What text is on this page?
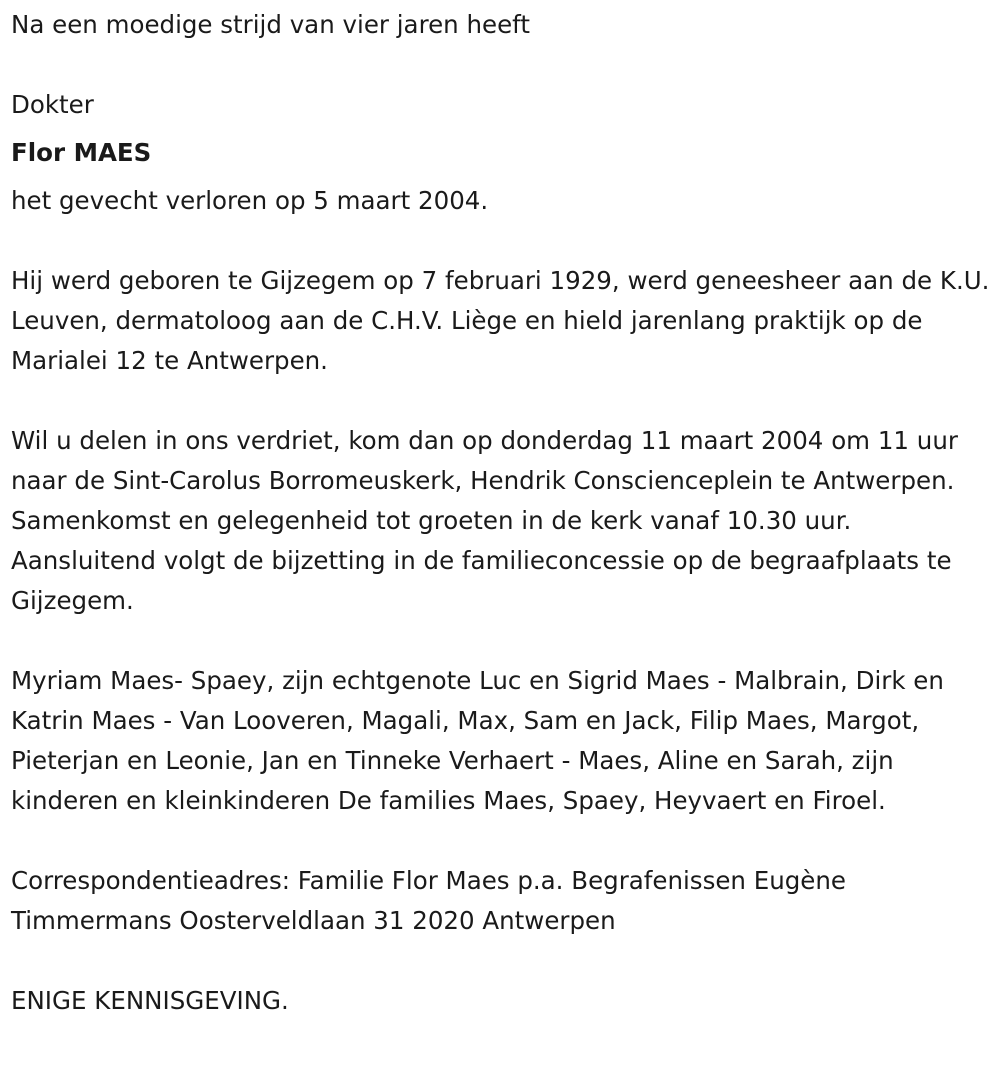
Na een moedige strijd van vier jaren heeft

Dokter

Flor MAES

het gevecht verloren op 5 maart 2004.

Hij werd geboren te Gijzegem op 7 februari 1929, werd geneesheer aan de K.U. Leuven, dermatoloog aan de C.H.V. Liège en hield jarenlang praktijk op de Marialei 12 te Antwerpen.

Wil u delen in ons verdriet, kom dan op donderdag 11 maart 2004 om 11 uur naar de Sint-Carolus Borromeuskerk, Hendrik Conscienceplein te Antwerpen. Samenkomst en gelegenheid tot groeten in de kerk vanaf 10.30 uur. Aansluitend volgt de bijzetting in de familieconcessie op de begraafplaats te Gijzegem.

Myriam Maes- Spaey, zijn echtgenote Luc en Sigrid Maes - Malbrain, Dirk en Katrin Maes - Van Looveren, Magali, Max, Sam en Jack, Filip Maes, Margot, Pieterjan en Leonie, Jan en Tinneke Verhaert - Maes, Aline en Sarah, zijn kinderen en kleinkinderen De families Maes, Spaey, Heyvaert en Firoel.

Correspondentieadres: Familie Flor Maes p.a. Begrafenissen Eugène Timmermans Oosterveldlaan 31 2020 Antwerpen

ENIGE KENNISGEVING.
